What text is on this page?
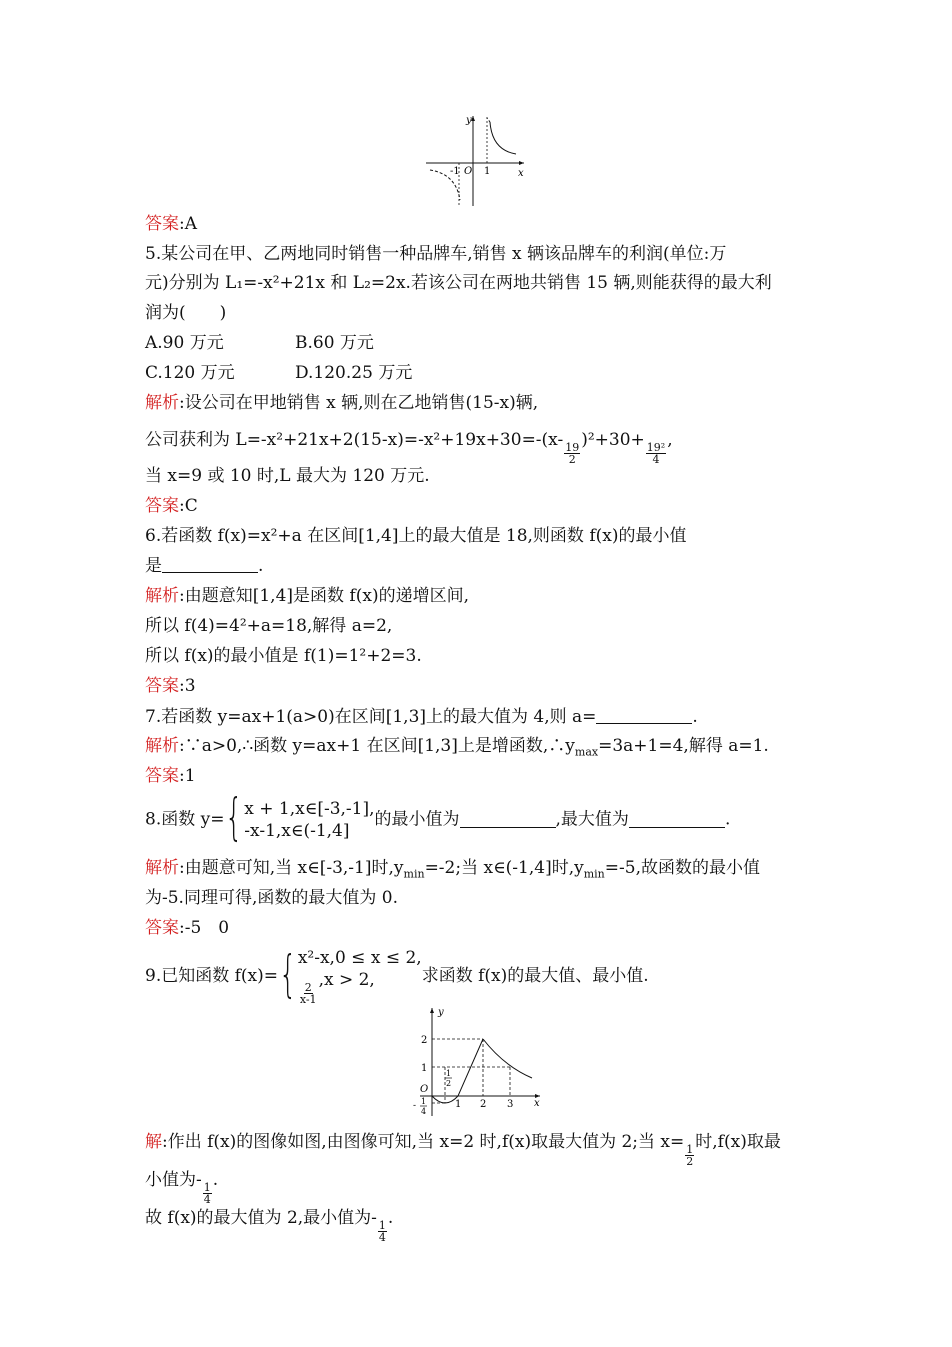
y
x
O 1
-1
答案:A
5.某公司在甲、乙两地同时销售一种品牌车,销售 x 辆该品牌车的利润(单位:万
元)分别为 L₁=-x²+21x 和 L₂=2x.若该公司在两地共销售 15 辆,则能获得的最大利
润为(　　)
A.90 万元	B.60 万元
C.120 万元	D.120.25 万元
解析:设公司在甲地销售 x 辆,则在乙地销售(15-x)辆,
公司获利为 L=-x²+21x+2(15-x)=-x²+19x+30=-(x-
$\frac{19}{2}$
)²+30+
$\frac{\text{19²}}{4}$
,
当 x=9 或 10 时,L 最大为 120 万元.
答案:C
6.若函数 f(x)=x²+a 在区间[1,4]上的最大值是 18,则函数 f(x)的最小值
是	.
解析:由题意知[1,4]是函数 f(x)的递增区间,
所以 f(4)=4²+a=18,解得 a=2,
所以 f(x)的最小值是 f(1)=1²+2=3.
答案:3
7.若函数 y=ax+1(a>0)在区间[1,3]上的最大值为 4,则 a=	.
解析:∵a>0,∴函数 y=ax+1 在区间[1,3]上是增函数$,\therefore y_{max}=3a+1=4$,解得 a=1.
答案:1
8.函数 y={ x + 1,x∈[-3,-1],
-x-1,x∈(-1,4]
的最小值为	,最大值为	.
解析:由题意可知,当 x∈[-3,-1]时$,y_{min}=-2$;当 x∈(-1,4]时$,y_{min}=-5$,故函数的最小值
为-5.同理可得,函数的最大值为 0.
答案:-5　0
9.已知函数 f(x)={ x²-x,0 ≤ x ≤ 2,
$\frac{2}{x-1}$
,x > 2,	求函数 f(x)的最大值、最小值.
y
x
O
2
1 1
2
- 1
4
1 2 3
解:作出 f(x)的图像如图,由图像可知,当 x=2 时,f(x)取最大值为 2;当 x=
$\frac{1}{2}$
时,f(x)取最
小值为-
$\frac{1}{4}$
.
故 f(x)的最大值为 2,最小值为-
$\frac{1}{4}$
.
